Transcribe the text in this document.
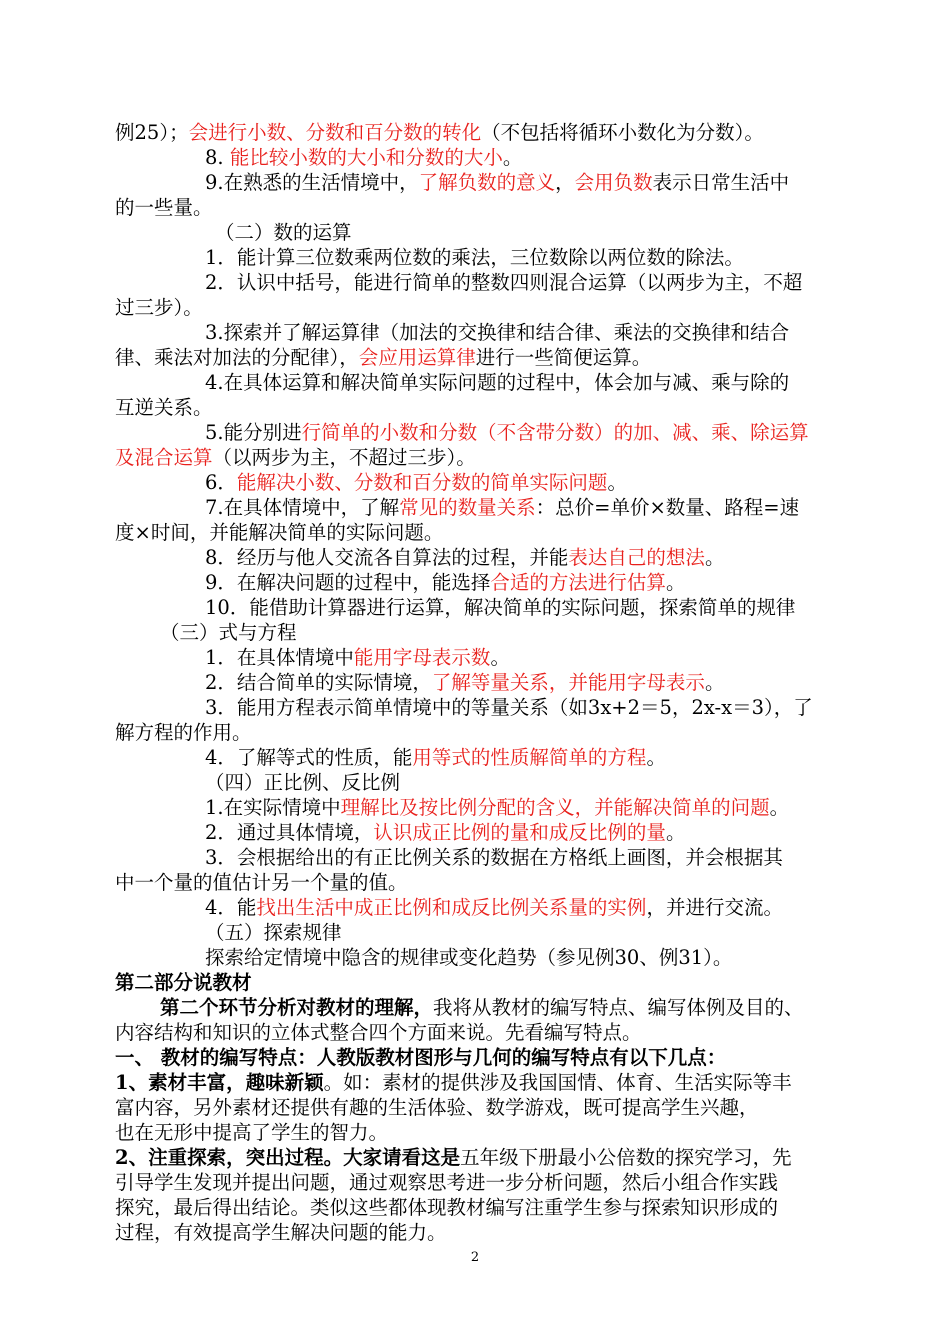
例25）；会进行小数、分数和百分数的转化（不包括将循环小数化为分数）。
8. 能比较小数的大小和分数的大小。
9.在熟悉的生活情境中，了解负数的意义，会用负数表示日常生活中
的一些量。
（二）数的运算
1．能计算三位数乘两位数的乘法，三位数除以两位数的除法。
2．认识中括号，能进行简单的整数四则混合运算（以两步为主，不超
过三步）。
3.探索并了解运算律（加法的交换律和结合律、乘法的交换律和结合
律、乘法对加法的分配律），会应用运算律进行一些简便运算。
4.在具体运算和解决简单实际问题的过程中，体会加与减、乘与除的
互逆关系。
5.能分别进行简单的小数和分数（不含带分数）的加、减、乘、除运算
及混合运算（以两步为主，不超过三步）。
6．能解决小数、分数和百分数的简单实际问题。
7.在具体情境中，了解常见的数量关系：总价=单价×数量、路程=速
度×时间，并能解决简单的实际问题。
8．经历与他人交流各自算法的过程，并能表达自己的想法。
9．在解决问题的过程中，能选择合适的方法进行估算。
10．能借助计算器进行运算，解决简单的实际问题，探索简单的规律
（三）式与方程
1．在具体情境中能用字母表示数。
2．结合简单的实际情境，了解等量关系，并能用字母表示。
3．能用方程表示简单情境中的等量关系（如3x+2＝5，2x-x＝3），了
解方程的作用。
4．了解等式的性质，能用等式的性质解简单的方程。
（四）正比例、反比例
1.在实际情境中理解比及按比例分配的含义，并能解决简单的问题。
2．通过具体情境，认识成正比例的量和成反比例的量。
3．会根据给出的有正比例关系的数据在方格纸上画图，并会根据其
中一个量的值估计另一个量的值。
4．能找出生活中成正比例和成反比例关系量的实例，并进行交流。
（五）探索规律
探索给定情境中隐含的规律或变化趋势（参见例30、例31）。
第二部分说教材
第二个环节分析对教材的理解，我将从教材的编写特点、编写体例及目的、
内容结构和知识的立体式整合四个方面来说。先看编写特点。
一、 教材的编写特点：人教版教材图形与几何的编写特点有以下几点：
1、素材丰富，趣味新颖。如：素材的提供涉及我国国情、体育、生活实际等丰
富内容，另外素材还提供有趣的生活体验、数学游戏，既可提高学生兴趣，
也在无形中提高了学生的智力。
2、注重探索，突出过程。大家请看这是五年级下册最小公倍数的探究学习，先
引导学生发现并提出问题，通过观察思考进一步分析问题，然后小组合作实践
探究，最后得出结论。类似这些都体现教材编写注重学生参与探索知识形成的
过程，有效提高学生解决问题的能力。
2
